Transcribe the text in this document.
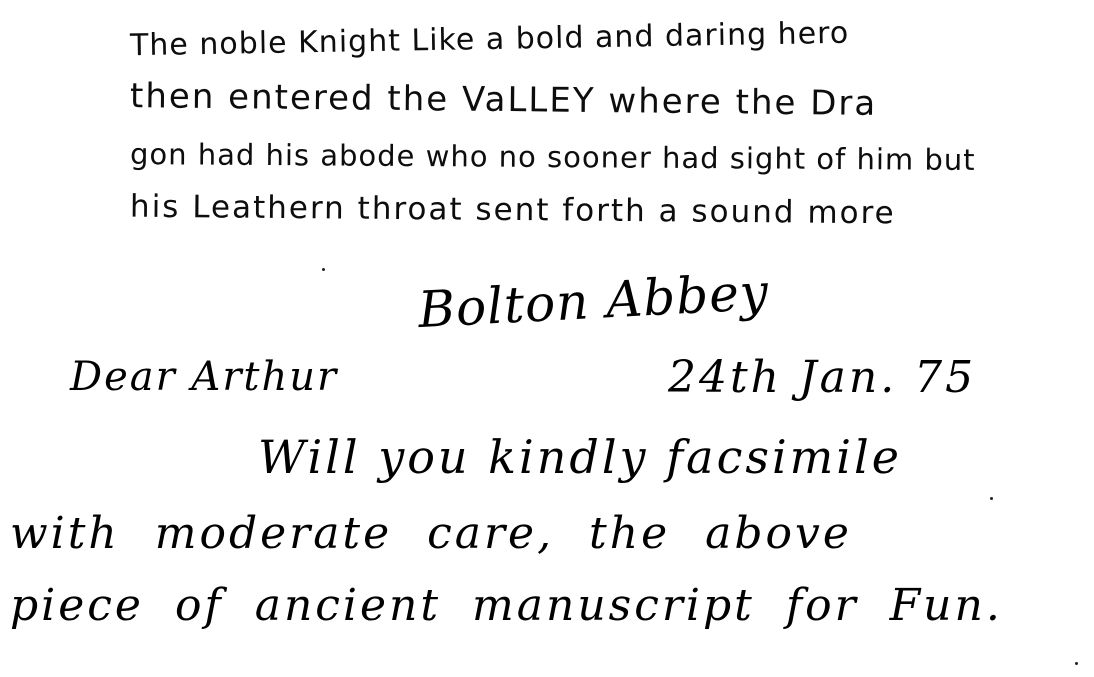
The noble Knight Like a bold and daring hero
then entered the VaLLEY where the Dra
gon had his abode who no sooner had sight of him but
his Leathern throat sent forth a sound more
Bolton Abbey
Dear Arthur	24th Jan. 75
Will you kindly facsimile
with moderate care, the above
piece of ancient manuscript for Fun.
